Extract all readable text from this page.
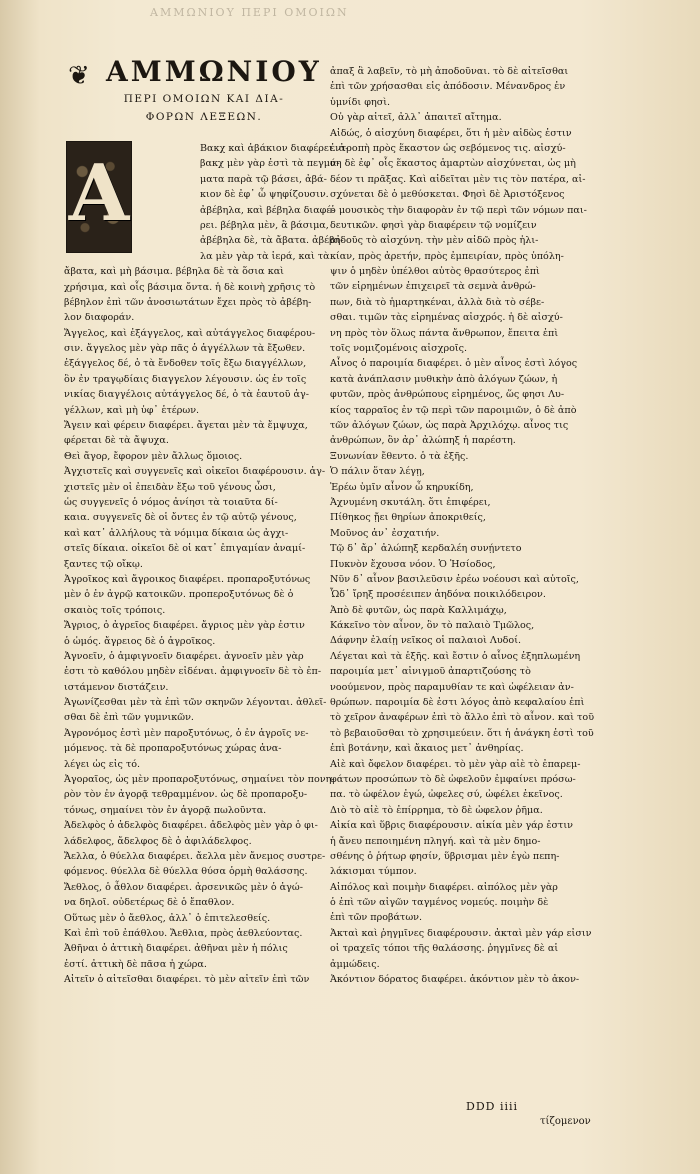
ΑΜΜΩΝΙΟΥ ΠΕΡΙ ΟΜΟΙΩΝ
❦ ΑΜΜΩΝΙΟΥ
ΠΕΡΙ ΟΜΟΙΩΝ ΚΑΙ ΔΙΑ-
ΦΟΡΩΝ ΛΕΞΕΩΝ.
A	Βακχ καὶ ἀβάκιον διαφέρει. ἀ-
βακχ μὲν γὰρ ἐστὶ τὰ πεγμά-
ματα παρὰ τῷ βάσει, ἀβά-
κιον δὲ ἐφ᾽ ὧ ψηφίζουσιν.
ἀβέβηλα, καὶ βέβηλα διαφέ-
ρει. βέβηλα μὲν, ἃ βάσιμα,
ἀβέβηλα δὲ, τὰ ἄβατα. ἀβέβη-
λα μὲν γὰρ τὰ ἱερά, καὶ τὰ
ἄβατα, καὶ μὴ βάσιμα. βέβηλα δὲ τὰ ὅσια καὶ
χρήσιμα, καὶ οἷς βάσιμα ὄντα. ἡ δὲ κοινὴ χρῆσις τὸ
βέβηλον ἐπὶ τῶν ἀνοσιωτάτων ἔχει πρὸς τὸ ἀβέβη-
λον διαφοράν.
Ἄγγελος, καὶ ἐξάγγελος, καὶ αὐτάγγελος διαφέρου-
σιν. ἄγγελος μὲν γὰρ πᾶς ὁ ἀγγέλλων τὰ ἔξωθεν.
ἐξάγγελος δέ, ὁ τὰ ἔνδοθεν τοῖς ἔξω διαγγέλλων,
ὃν ἐν τραγῳδίαις διαγγελον λέγουσιν. ὡς ἐν τοῖς
νικίας διαγγέλοις αὐτάγγελος δέ, ὁ τὰ ἑαυτοῦ ἀγ-
γέλλων, καὶ μὴ ὑφ᾽ ἑτέρων.
Ἄγειν καὶ φέρειν διαφέρει. ἄγεται μὲν τὰ ἔμψυχα,
φέρεται δὲ τὰ ἄψυχα.
Θεὶ ἄγορ, ἔφορον μὲν ἄλλως ὅμοιος.
Ἀγχιστεῖς καὶ συγγενεῖς καὶ οἰκεῖοι διαφέρουσιν. ἀγ-
χιστεῖς μὲν οἱ ἐπειδὰν ἔξω τοῦ γένους ὦσι,
ὡς συγγενεῖς ὁ νόμος ἀνίησι τὰ τοιαῦτα δί-
καια. συγγενεῖς δὲ οἱ ὄντες ἐν τῷ αὐτῷ γένους,
καὶ κατ᾽ ἀλλήλους τὰ νόμιμα δίκαια ὡς ἀγχι-
στεῖς δίκαια. οἰκεῖοι δὲ οἱ κατ᾽ ἐπιγαμίαν ἀναμί-
ξαντες τῷ οἴκῳ.
Ἀγροῖκος καὶ ἄγροικος διαφέρει. προπαροξυτόνως
μὲν ὁ ἐν ἀγρῷ κατοικῶν. προπεροξυτόνως δὲ ὁ
σκαιὸς τοῖς τρόποις.
Ἄγριος, ὁ ἀγρεῖος διαφέρει. ἄγριος μὲν γὰρ ἐστιν
ὁ ὠμός. ἄγρειος δὲ ὁ ἀγροῖκος.
Ἀγνοεῖν, ὁ ἀμφιγνοεῖν διαφέρει. ἀγνοεῖν μὲν γὰρ
ἐστι τὸ καθόλου μηδὲν εἰδέναι. ἀμφιγνοεῖν δὲ τὸ ἐπ-
ιστάμενον διστάζειν.
Ἀγωνίζεσθαι μὲν τὰ ἐπὶ τῶν σκηνῶν λέγονται. ἀθλεῖ-
σθαι δὲ ἐπὶ τῶν γυμνικῶν.
Ἀγρονόμος ἐστὶ μὲν παροξυτόνως, ὁ ἐν ἀγροῖς νε-
μόμενος. τὰ δὲ προπαροξυτόνως χώρας ἀνα-
λέγει ὡς εἰς τό.
Ἀγοραῖος, ὡς μὲν προπαροξυτόνως, σημαίνει τὸν πονη-
ρὸν τὸν ἐν ἀγορᾷ τεθραμμένον. ὡς δὲ προπαροξυ-
τόνως, σημαίνει τὸν ἐν ἀγορᾷ πωλοῦντα.
Ἀδελφὸς ὁ ἀδελφὸς διαφέρει. ἀδελφὸς μὲν γὰρ ὁ φι-
λάδελφος, ἄδελφος δὲ ὁ ἀφιλάδελφος.
Ἄελλα, ὁ θύελλα διαφέρει. ἄελλα μὲν ἄνεμος συστρε-
φόμενος. θύελλα δὲ θύελλα θύσα ὁρμὴ θαλάσσης.
Ἄεθλος, ὁ ἆθλον διαφέρει. ἀρσενικῶς μὲν ὁ ἀγώ-
να δηλοῖ. οὐδετέρως δὲ ὁ ἔπαθλον.
Οὕτως μὲν ὁ ἄεθλος, ἀλλ᾽ ὁ ἐπιτελεσθείς.
Καὶ ἐπὶ τοῦ ἐπάθλου. Ἄεθλια, πρὸς ἀεθλεύοντας.
Ἀθῆναι ὁ ἀττικὴ διαφέρει. ἀθῆναι μὲν ἡ πόλις
ἐστί. ἀττικὴ δὲ πᾶσα ἡ χώρα.
Αἰτεῖν ὁ αἰτεῖσθαι διαφέρει. τὸ μὲν αἰτεῖν ἐπὶ τῶν
ἀπαξ ἃ λαβεῖν, τὸ μὴ ἀποδοῦναι. τὸ δὲ αἰτεῖσθαι
ἐπὶ τῶν χρήσασθαι εἰς ἀπόδοσιν. Μένανδρος ἐν
ὑμνίδι φησὶ.
Οὐ γὰρ αἰτεῖ, ἀλλ᾽ ἀπαιτεῖ αἴτημα.
Αἰδώς, ὁ αἰσχύνη διαφέρει, ὅτι ἡ μὲν αἰδὼς ἐστιν
ἐντροπὴ πρὸς ἕκαστον ὡς σεβόμενος τις. αἰσχύ-
νη δὲ ἐφ᾽ οἷς ἕκαστος ἁμαρτὼν αἰσχύνεται, ὡς μὴ
δέον τι πρᾶξας. Καὶ αἰδεῖται μὲν τις τὸν πατέρα, αἰ-
σχύνεται δὲ ὁ μεθύσκεται. Φησὶ δὲ Ἀριστόξενος
ὁ μουσικὸς τὴν διαφορὰν ἐν τῷ περὶ τῶν νόμων παι-
δευτικῶν. φησὶ γὰρ διαφέρειν τῷ νομίζειν
αἰδοῦς τὸ αἰσχύνη. τὴν μὲν αἰδῶ πρὸς ἡλι-
κίαν, πρὸς ἀρετήν, πρὸς ἐμπειρίαν, πρὸς ὑπόλη-
ψιν ὁ μηδὲν ὑπέλθοι αὐτὸς θρασύτερος ἐπὶ
τῶν εἰρημένων ἐπιχειρεῖ τὰ σεμνὰ ἀνθρώ-
πων, διὰ τὸ ἡμαρτηκέναι, ἀλλὰ διὰ τὸ σέβε-
σθαι. τιμῶν τὰς εἰρημένας αἰσχρός. ἡ δὲ αἰσχύ-
νη πρὸς τὸν ὅλως πάντα ἄνθρωπον, ἔπειτα ἐπὶ
τοῖς νομιζομένοις αἰσχροῖς.
Αἶνος ὁ παροιμία διαφέρει. ὁ μὲν αἶνος ἐστὶ λόγος
κατὰ ἀνάπλασιν μυθικὴν ἀπὸ ἀλόγων ζώων, ἡ
φυτῶν, πρὸς ἀνθρώπους εἰρημένος, ὥς φησι Λυ-
κίος ταρραῖος ἐν τῷ περὶ τῶν παροιμιῶν, ὁ δὲ ἀπὸ
τῶν ἀλόγων ζώων, ὡς παρὰ Ἀρχιλόχῳ. αἶνος τις
ἀνθρώπων, ὃν ἀρ᾽ ἀλώπηξ ἡ παρέστη.
Ξυνωνίαν ἔθεντο. ὁ τὰ ἑξῆς.
Ὁ πάλιν ὅταν λέγῃ,
Ἐρέω ὑμῖν αἶνον ὦ κηρυκίδη,
Ἀχνυμένη σκυτάλη. ὅτι ἐπιφέρει,
Πίθηκος ᾔει θηρίων ἀποκριθείς,
Μοῦνος ἀν᾽ ἐσχατιήν.
Τῷ δ᾽ ἄρ᾽ ἀλώπηξ κερδαλέη συνῄντετο
Πυκνὸν ἔχουσα νόον. Ὁ Ἡσίοδος,
Νῦν δ᾽ αἶνον βασιλεῦσιν ἐρέω νοέουσι καὶ αὐτοῖς,
Ὧδ᾽ ἴρηξ προσέειπεν ἀηδόνα ποικιλόδειρον.
Ἀπὸ δὲ φυτῶν, ὡς παρὰ Καλλιμάχῳ,
Κάκεῖνο τὸν αἶνον, ὃν τὸ παλαιὸ Τμῶλος,
Δάφνην ἐλαίῃ νεῖκος οἱ παλαιοὶ Λυδοί.
Λέγεται καὶ τὰ ἑξῆς. καὶ ἔστιν ὁ αἶνος ἐξηπλωμένη
παροιμία μετ᾽ αἰνιγμοῦ ἀπαρτιζούσης τὸ
νοούμενον, πρὸς παραμυθίαν τε καὶ ὠφέλειαν ἀν-
θρώπων. παροιμία δὲ ἐστι λόγος ἀπὸ κεφαλαίου ἐπὶ
τὸ χεῖρον ἀναφέρων ἐπὶ τὸ ἄλλο ἐπὶ τὸ αἶνον. καὶ τοῦ
τὸ βεβαιοῦσθαι τὸ χρησιμεύειν. ὅτι ἡ ἀνάγκη ἐστὶ τοῦ
ἐπὶ βοτάνην, καὶ ἄκαιος μετ᾽ ἀνθηρίας.
Αἰὲ καὶ ὄφελον διαφέρει. τὸ μὲν γὰρ αἰὲ τὸ ἐπαρεμ-
φάτων προσώπων τὸ δὲ ὠφελοῦν ἐμφαίνει πρόσω-
πα. τὸ ὠφέλον ἐγώ, ὠφελες σύ, ὠφέλει ἐκεῖνος.
Διὸ τὸ αἰὲ τὸ ἐπίρρημα, τὸ δὲ ὠφελον ῥῆμα.
Αἰκία καὶ ὕβρις διαφέρουσιν. αἰκία μὲν γάρ ἐστιν
ἡ ἄνευ πεποιημένη πληγή. καὶ τὰ μὲν δημο-
σθένης ὁ ῥήτωρ φησίν, ὕβρισμαι μὲν ἐγὼ πεπη-
λάκισμαι τύμπον.
Αἰπόλος καὶ ποιμὴν διαφέρει. αἰπόλος μὲν γὰρ
ὁ ἐπὶ τῶν αἰγῶν ταγμένος νομεύς. ποιμὴν δὲ
ἐπὶ τῶν προβάτων.
Ἀκταὶ καὶ ῥηγμῖνες διαφέρουσιν. ἀκταὶ μὲν γάρ εἰσιν
οἱ τραχεῖς τόποι τῆς θαλάσσης. ῥηγμῖνες δὲ αἱ
ἀμμώδεις.
Ἀκόντιον δόρατος διαφέρει. ἀκόντιον μὲν τὸ ἀκον-
DDD iiii
τίζομενον
